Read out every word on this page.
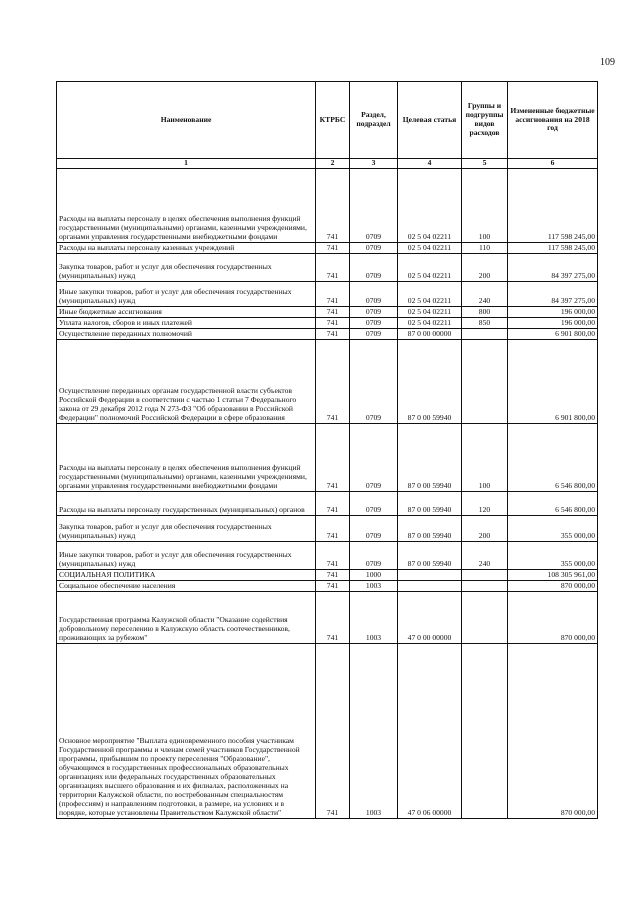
109
Наименование	КТРБС	Раздел, подраздел	Целевая статья	Группы и подгруппы видов расходов	Измененные бюджетные ассигнования на 2018 год
1	2	3	4	5	6
Расходы на выплаты персоналу в целях обеспечения выполнения функций государственными (муниципальными) органами, казенными учреждениями, органами управления государственными внебюджетными фондами	741	0709	02 5 04 02211	100	117 598 245,00
Расходы на выплаты персоналу казенных учреждений	741	0709	02 5 04 02211	110	117 598 245,00
Закупка товаров, работ и услуг для обеспечения государственных (муниципальных) нужд	741	0709	02 5 04 02211	200	84 397 275,00
Иные закупки товаров, работ и услуг для обеспечения государственных (муниципальных) нужд	741	0709	02 5 04 02211	240	84 397 275,00
Иные бюджетные ассигнования	741	0709	02 5 04 02211	800	196 000,00
Уплата налогов, сборов и иных платежей	741	0709	02 5 04 02211	850	196 000,00
Осуществление переданных полномочий	741	0709	87 0 00 00000		6 901 800,00
Осуществление переданных органам государственной власти субъектов Российской Федерации в соответствии с частью 1 статьи 7 Федерального закона от 29 декабря 2012 года N 273-ФЗ "Об образовании в Российской Федерации" полномочий Российской Федерации в сфере образования	741	0709	87 0 00 59940		6 901 800,00
Расходы на выплаты персоналу в целях обеспечения выполнения функций государственными (муниципальными) органами, казенными учреждениями, органами управления государственными внебюджетными фондами	741	0709	87 0 00 59940	100	6 546 800,00
Расходы на выплаты персоналу государственных (муниципальных) органов	741	0709	87 0 00 59940	120	6 546 800,00
Закупка товаров, работ и услуг для обеспечения государственных (муниципальных) нужд	741	0709	87 0 00 59940	200	355 000,00
Иные закупки товаров, работ и услуг для обеспечения государственных (муниципальных) нужд	741	0709	87 0 00 59940	240	355 000,00
СОЦИАЛЬНАЯ ПОЛИТИКА	741	1000			108 305 961,00
Социальное обеспечение населения	741	1003			870 000,00
Государственная программа Калужской области "Оказание содействия добровольному переселению в Калужскую область соотечественников, проживающих за рубежом"	741	1003	47 0 00 00000		870 000,00
Основное мероприятие "Выплата единовременного пособия участникам Государственной программы и членам семей участников Государственной программы, прибывшим по проекту переселения "Образование", обучающимся в государственных профессиональных образовательных организациях или федеральных государственных образовательных организациях высшего образования и их филиалах, расположенных на территории Калужской области, по востребованным специальностям (профессиям) и направлениям подготовки, в размере, на условиях и в порядке, которые установлены Правительством Калужской области"	741	1003	47 0 06 00000		870 000,00
